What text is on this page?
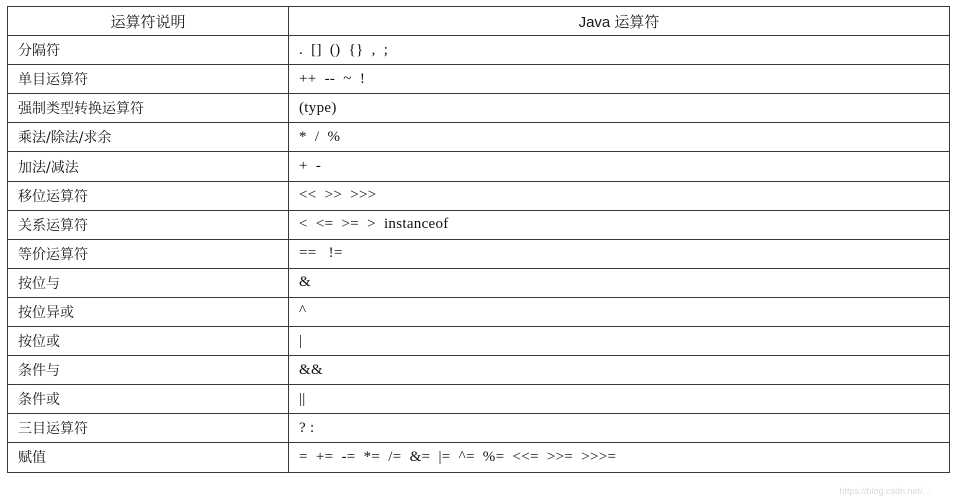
运算符说明	Java 运算符
分隔符	.  []  ()  {}  ,  ;
单目运算符	++  --  ~  !
强制类型转换运算符	(type)
乘法/除法/求余	*  /  %
加法/减法	+  -
移位运算符	<<  >>  >>>
关系运算符	<  <=  >=  >  instanceof
等价运算符	==   !=
按位与	&
按位异或	^
按位或	|
条件与	&&
条件或	||
三目运算符	? :
赋值	=  +=  -=  *=  /=  &=  |=  ^=  %=  <<=  >>=  >>>=
https://blog.csdn.net/...
